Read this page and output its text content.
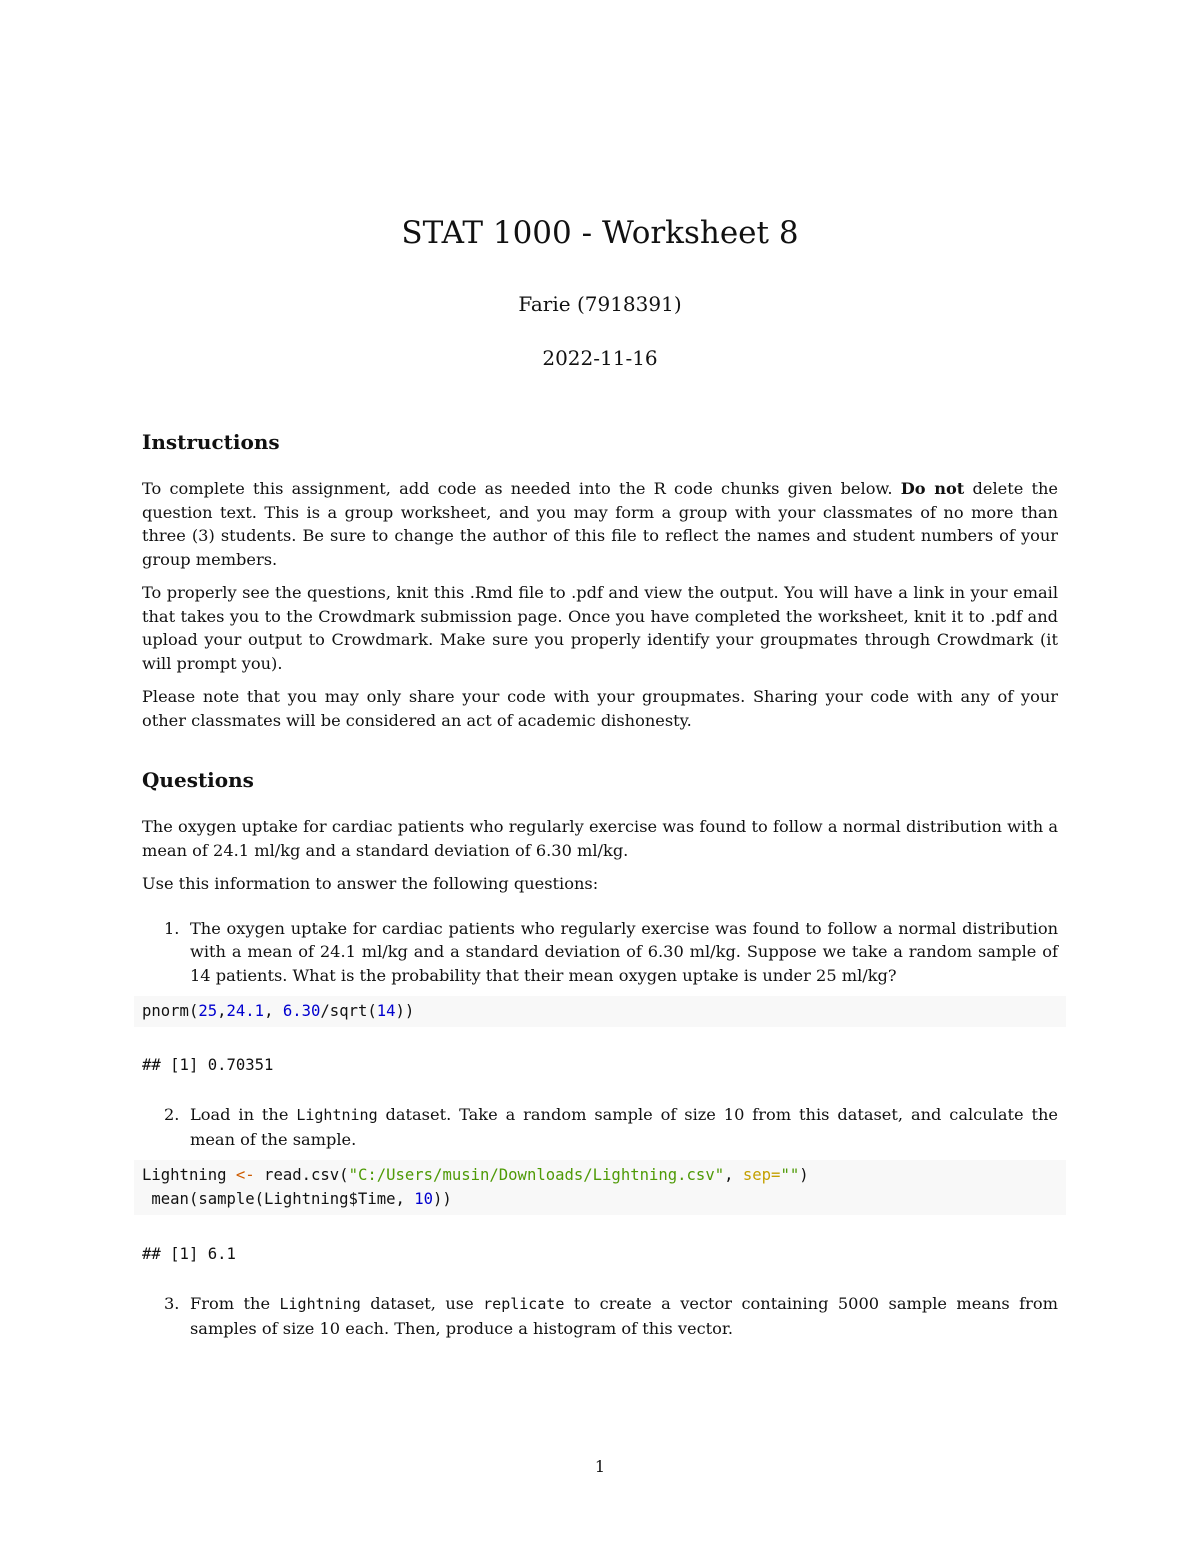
STAT 1000 - Worksheet 8
Farie (7918391)
2022-11-16
Instructions

To complete this assignment, add code as needed into the R code chunks given below. Do not delete the question text. This is a group worksheet, and you may form a group with your classmates of no more than three (3) students. Be sure to change the author of this file to reflect the names and student numbers of your group members.

To properly see the questions, knit this .Rmd file to .pdf and view the output. You will have a link in your email that takes you to the Crowdmark submission page. Once you have completed the worksheet, knit it to .pdf and upload your output to Crowdmark. Make sure you properly identify your groupmates through Crowdmark (it will prompt you).

Please note that you may only share your code with your groupmates. Sharing your code with any of your other classmates will be considered an act of academic dishonesty.

Questions

The oxygen uptake for cardiac patients who regularly exercise was found to follow a normal distribution with a mean of 24.1 ml/kg and a standard deviation of 6.30 ml/kg.

Use this information to answer the following questions:

1. The oxygen uptake for cardiac patients who regularly exercise was found to follow a normal distribution with a mean of 24.1 ml/kg and a standard deviation of 6.30 ml/kg. Suppose we take a random sample of 14 patients. What is the probability that their mean oxygen uptake is under 25 ml/kg?
pnorm(25,24.1, 6.30/sqrt(14))
## [1] 0.70351
2. Load in the Lightning dataset. Take a random sample of size 10 from this dataset, and calculate the mean of the sample.
Lightning <- read.csv("C:/Users/musin/Downloads/Lightning.csv", sep="")
mean(sample(Lightning$Time, 10))
## [1] 6.1
3. From the Lightning dataset, use replicate to create a vector containing 5000 sample means from samples of size 10 each. Then, produce a histogram of this vector.
1
